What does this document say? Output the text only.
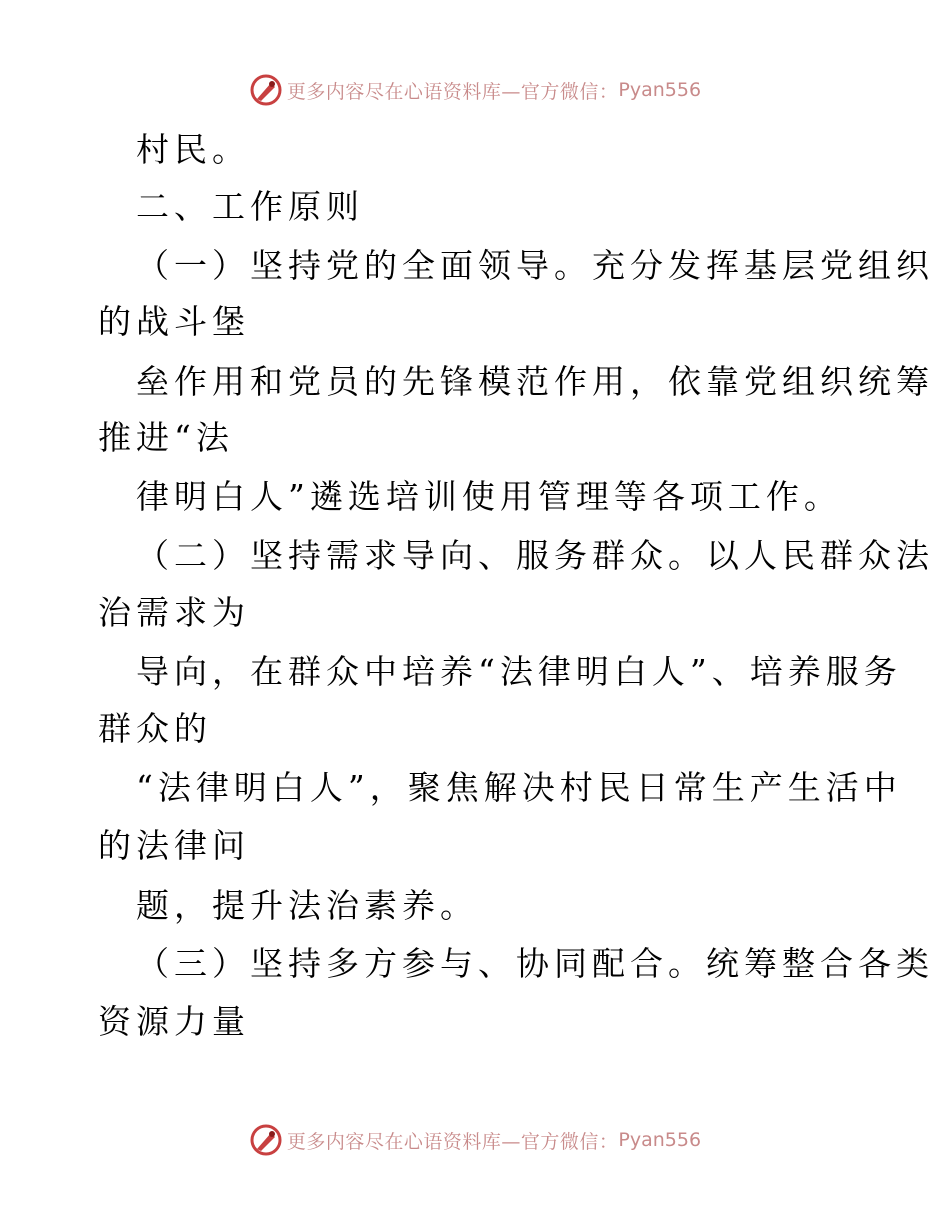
更多内容尽在心语资料库—官方微信： Pyan556
村民。
二、工作原则
（一）坚持党的全面领导。充分发挥基层党组织
的战斗堡
垒作用和党员的先锋模范作用，依靠党组织统筹
推进“法
律明白人”遴选培训使用管理等各项工作。
（二）坚持需求导向、服务群众。以人民群众法
治需求为
导向，在群众中培养“法律明白人”、培养服务
群众的
“法律明白人”，聚焦解决村民日常生产生活中
的法律问
题，提升法治素养。
（三）坚持多方参与、协同配合。统筹整合各类
资源力量
更多内容尽在心语资料库—官方微信： Pyan556
